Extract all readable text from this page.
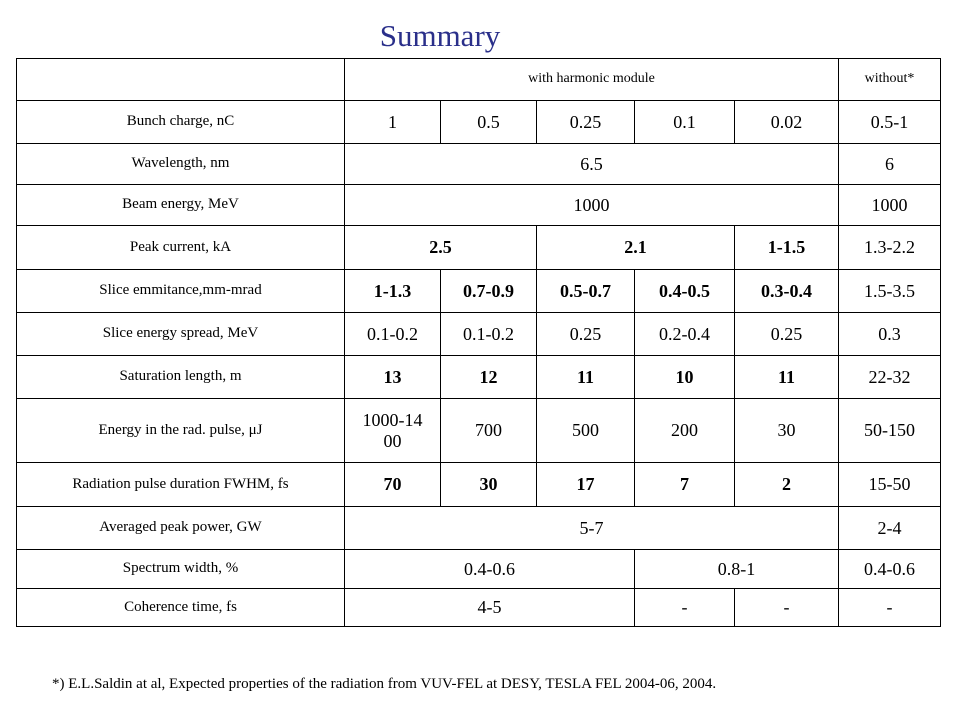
Summary
	with harmonic module					without*
Bunch charge, nC	1	0.5	0.25	0.1	0.02	0.5-1
Wavelength, nm	6.5					6
Beam energy, MeV	1000					1000
Peak current, kA	2.5		2.1		1-1.5	1.3-2.2
Slice emmitance,mm-mrad	1-1.3	0.7-0.9	0.5-0.7	0.4-0.5	0.3-0.4	1.5-3.5
Slice energy spread, MeV	0.1-0.2	0.1-0.2	0.25	0.2-0.4	0.25	0.3
Saturation length, m	13	12	11	10	11	22-32
Energy in the rad. pulse, μJ	1000-1400	700	500	200	30	50-150
Radiation pulse duration FWHM, fs	70	30	17	7	2	15-50
Averaged peak power, GW	5-7					2-4
Spectrum width, %	0.4-0.6			0.8-1		0.4-0.6
Coherence time, fs	4-5			-	-	-
*) E.L.Saldin at al, Expected properties of the radiation from VUV-FEL at DESY, TESLA FEL 2004-06, 2004.
